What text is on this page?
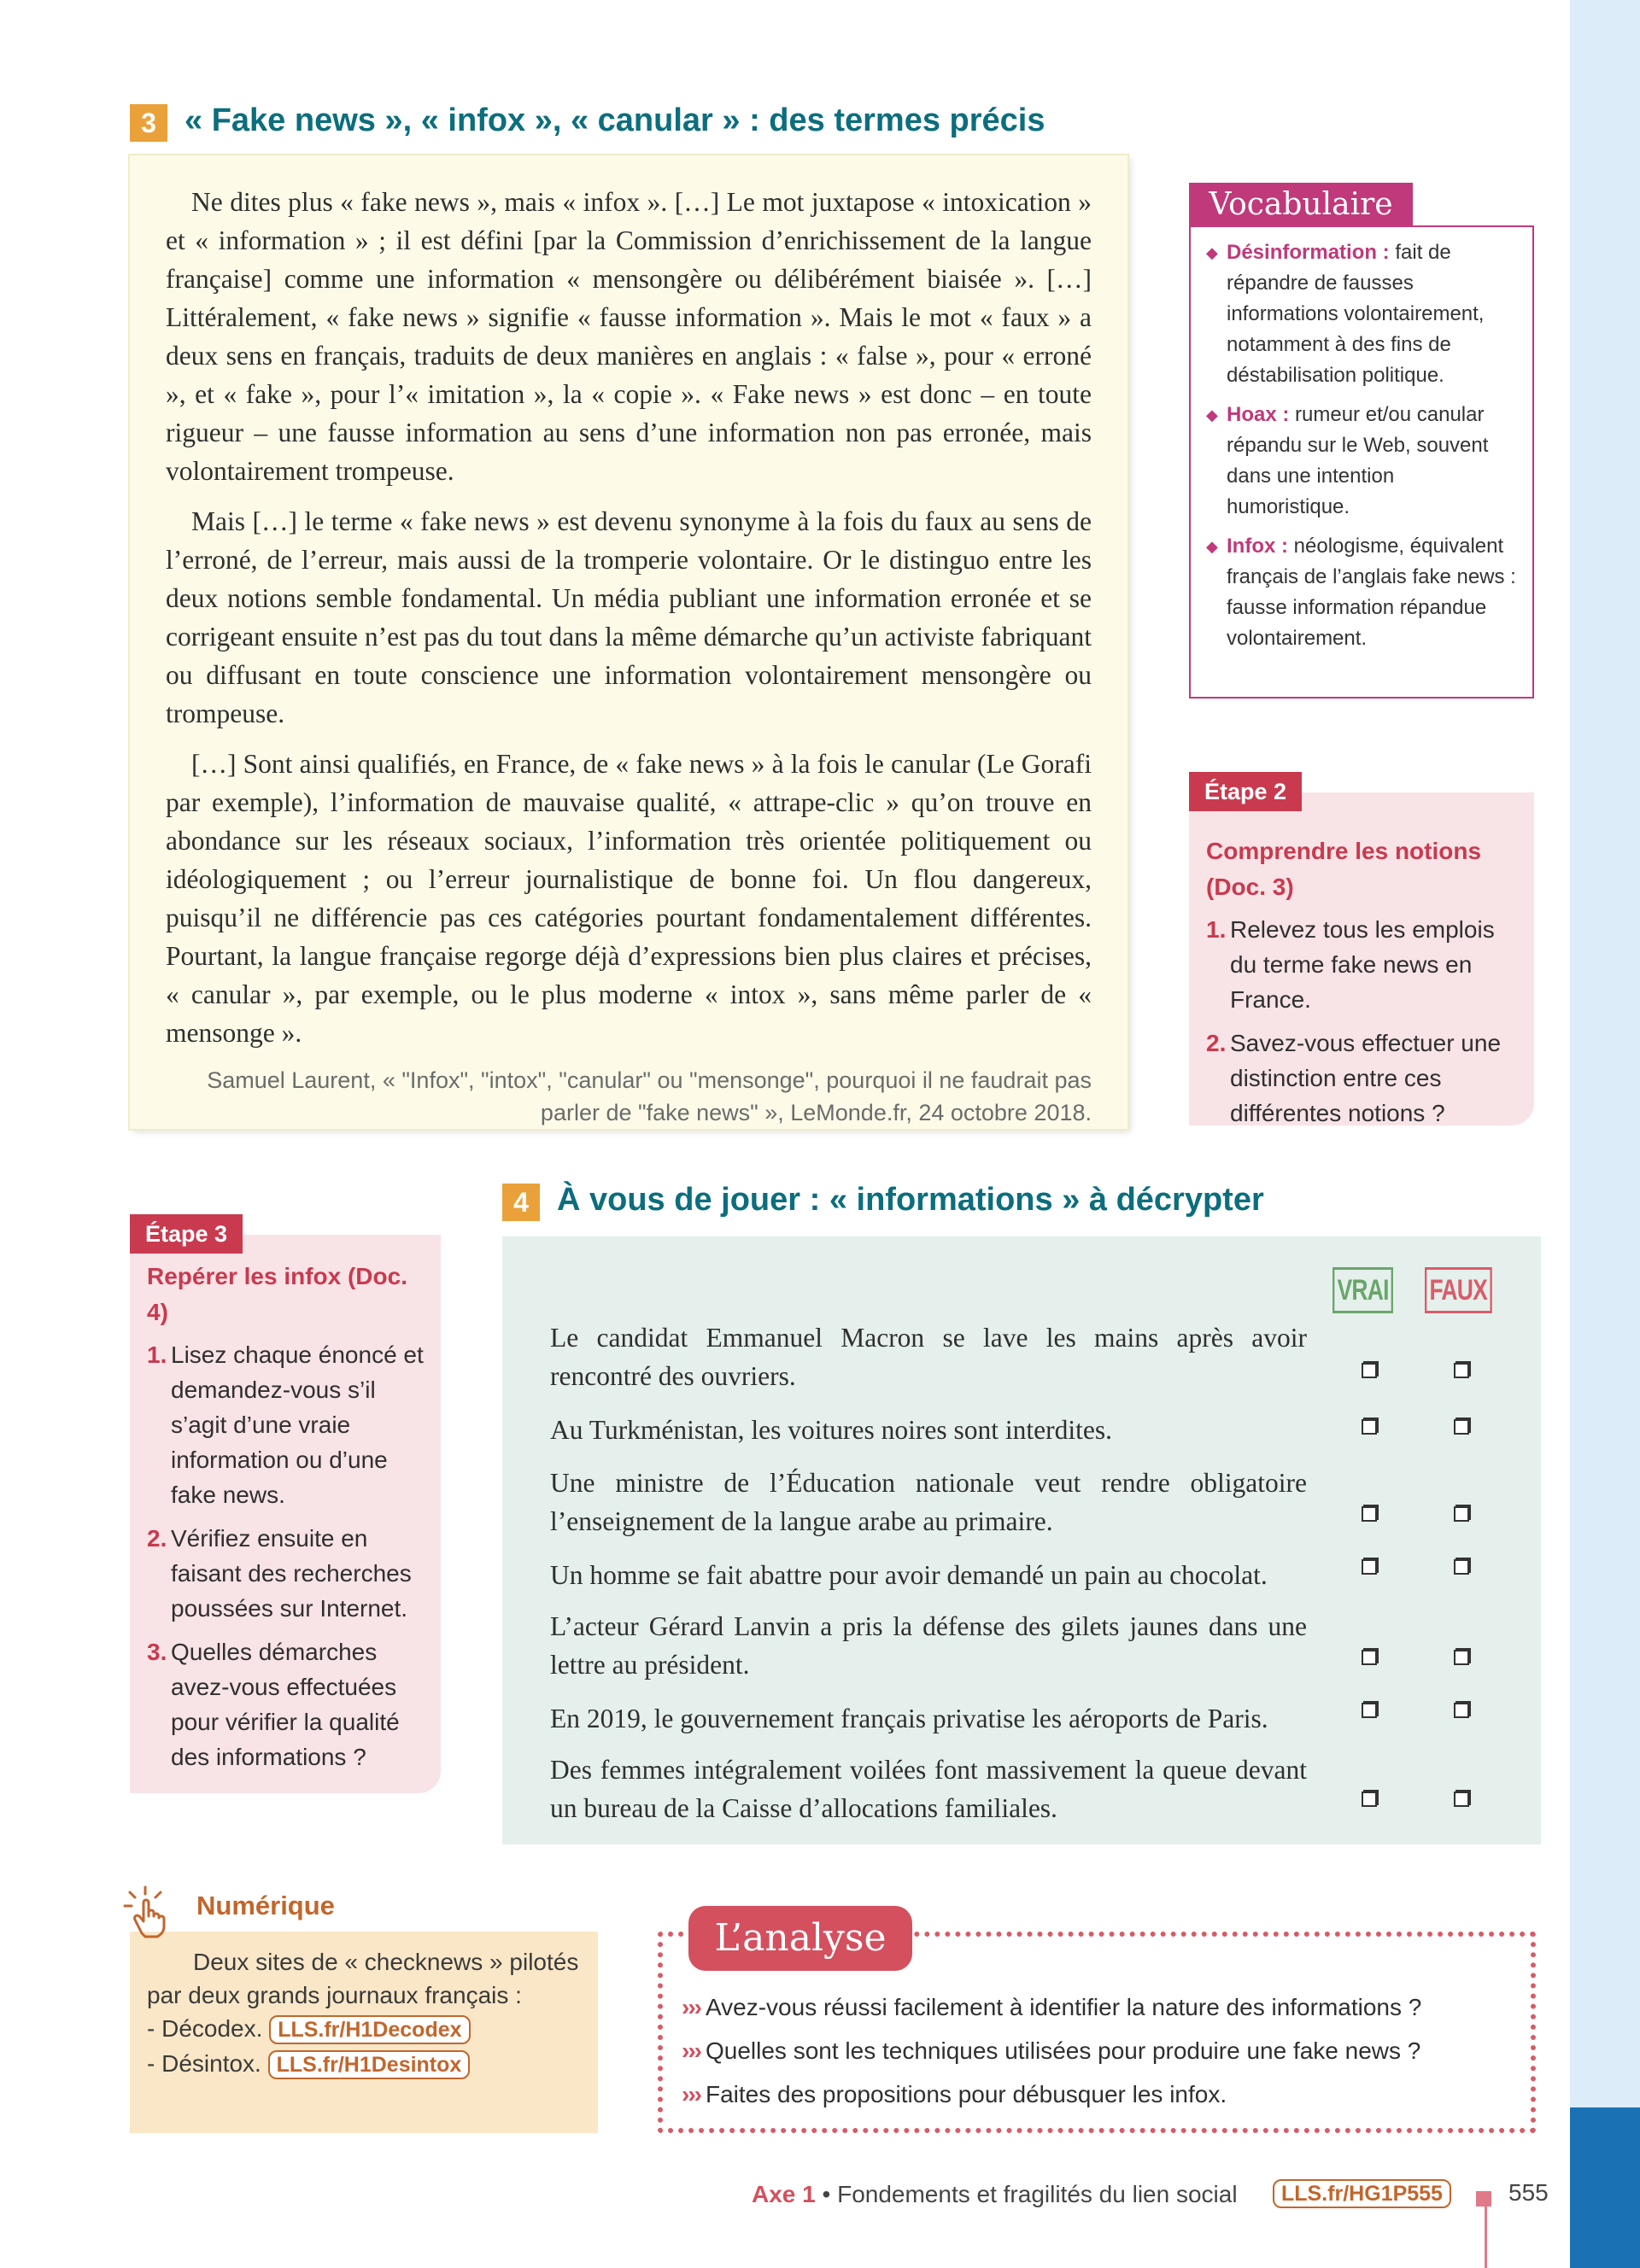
3 « Fake news », « infox », « canular » : des termes précis

Ne dites plus « fake news », mais « infox ». […] Le mot juxtapose « intoxication » et « information » ; il est défini [par la Commission d’enrichissement de la langue française] comme une information « mensongère ou délibérément biaisée ». […] Littéralement, « fake news » signifie « fausse information ». Mais le mot « faux » a deux sens en français, traduits de deux manières en anglais : « false », pour « erroné », et « fake », pour l’« imitation », la « copie ». « Fake news » est donc – en toute rigueur – une fausse information au sens d’une information non pas erronée, mais volontairement trompeuse.

Mais […] le terme « fake news » est devenu synonyme à la fois du faux au sens de l’erroné, de l’erreur, mais aussi de la tromperie volontaire. Or le distinguo entre les deux notions semble fondamental. Un média publiant une information erronée et se corrigeant ensuite n’est pas du tout dans la même démarche qu’un activiste fabriquant ou diffusant en toute conscience une information volontairement mensongère ou trompeuse.

[…] Sont ainsi qualifiés, en France, de « fake news » à la fois le canular (Le Gorafi par exemple), l’information de mauvaise qualité, « attrape-clic » qu’on trouve en abondance sur les réseaux sociaux, l’information très orientée politiquement ou idéologiquement ; ou l’erreur journalistique de bonne foi. Un flou dangereux, puisqu’il ne différencie pas ces catégories pourtant fondamentalement différentes. Pourtant, la langue française regorge déjà d’expressions bien plus claires et précises, « canular », par exemple, ou le plus moderne « intox », sans même parler de « mensonge ».

Samuel Laurent, « "Infox", "intox", "canular" ou "mensonge", pourquoi il ne faudrait pas parler de "fake news" », LeMonde.fr, 24 octobre 2018.

Vocabulaire
◆ Désinformation : fait de répandre de fausses informations volontairement, notamment à des fins de déstabilisation politique.
◆ Hoax : rumeur et/ou canular répandu sur le Web, souvent dans une intention humoristique.
◆ Infox : néologisme, équivalent français de l’anglais fake news : fausse information répandue volontairement.
Comprendre les notions (Doc. 3)
1. Relevez tous les emplois du terme fake news en France.
2. Savez-vous effectuer une distinction entre ces différentes notions ?
Étape 2
Repérer les infox (Doc. 4)
1. Lisez chaque énoncé et demandez-vous s’il s’agit d’une vraie information ou d’une fake news.
2. Vérifiez ensuite en faisant des recherches poussées sur Internet.
3. Quelles démarches avez-vous effectuées pour vérifier la qualité des informations ?
Étape 3
4 À vous de jouer : « informations » à décrypter
VRAI FAUX
Le candidat Emmanuel Macron se lave les mains après avoir rencontré des ouvriers.
Au Turkménistan, les voitures noires sont interdites.
Une ministre de l’Éducation nationale veut rendre obligatoire l’enseignement de la langue arabe au primaire.
Un homme se fait abattre pour avoir demandé un pain au chocolat.
L’acteur Gérard Lanvin a pris la défense des gilets jaunes dans une lettre au président.
En 2019, le gouvernement français privatise les aéroports de Paris.
Des femmes intégralement voilées font massivement la queue devant un bureau de la Caisse d’allocations familiales.

Deux sites de « checknews » pilotés par deux grands journaux français :

- Décodex. LLS.fr/H1Decodex

- Désintox. LLS.fr/H1Desintox

Numérique
L’analyse

››› Avez-vous réussi facilement à identifier la nature des informations ?

››› Quelles sont les techniques utilisées pour produire une fake news ?

››› Faites des propositions pour débusquer les infox.

Axe 1 • Fondements et fragilités du lien social	LLS.fr/HG1P555	555
